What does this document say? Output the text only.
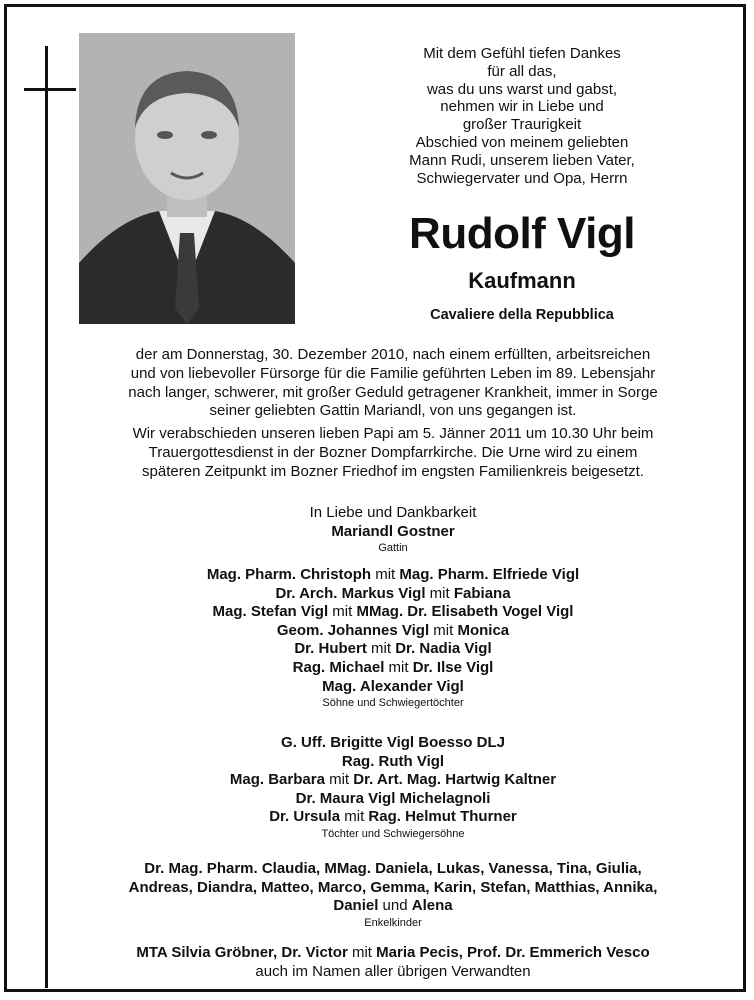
Mit dem Gefühl tiefen Dankes
für all das,
was du uns warst und gabst,
nehmen wir in Liebe und
großer Traurigkeit
Abschied von meinem geliebten
Mann Rudi, unserem lieben Vater,
Schwiegervater und Opa, Herrn
Rudolf Vigl
Kaufmann
Cavaliere della Repubblica
der am Donnerstag, 30. Dezember 2010, nach einem erfüllten, arbeitsreichen
und von liebevoller Fürsorge für die Familie geführten Leben im 89. Lebensjahr
nach langer, schwerer, mit großer Geduld getragener Krankheit, immer in Sorge
seiner geliebten Gattin Mariandl, von uns gegangen ist.
Wir verabschieden unseren lieben Papi am 5. Jänner 2011 um 10.30 Uhr beim
Trauergottesdienst in der Bozner Dompfarrkirche. Die Urne wird zu einem
späteren Zeitpunkt im Bozner Friedhof im engsten Familienkreis beigesetzt.
In Liebe und Dankbarkeit
Mariandl Gostner
Gattin
Mag. Pharm. Christoph mit Mag. Pharm. Elfriede Vigl
Dr. Arch. Markus Vigl mit Fabiana
Mag. Stefan Vigl mit MMag. Dr. Elisabeth Vogel Vigl
Geom. Johannes Vigl mit Monica
Dr. Hubert mit Dr. Nadia Vigl
Rag. Michael mit Dr. Ilse Vigl
Mag. Alexander Vigl
Söhne und Schwiegertöchter
G. Uff. Brigitte Vigl Boesso DLJ
Rag. Ruth Vigl
Mag. Barbara mit Dr. Art. Mag. Hartwig Kaltner
Dr. Maura Vigl Michelagnoli
Dr. Ursula mit Rag. Helmut Thurner
Töchter und Schwiegersöhne
Dr. Mag. Pharm. Claudia, MMag. Daniela, Lukas, Vanessa, Tina, Giulia,
Andreas, Diandra, Matteo, Marco, Gemma, Karin, Stefan, Matthias, Annika,
Daniel und Alena
Enkelkinder
MTA Silvia Gröbner, Dr. Victor mit Maria Pecis, Prof. Dr. Emmerich Vesco
auch im Namen aller übrigen Verwandten
